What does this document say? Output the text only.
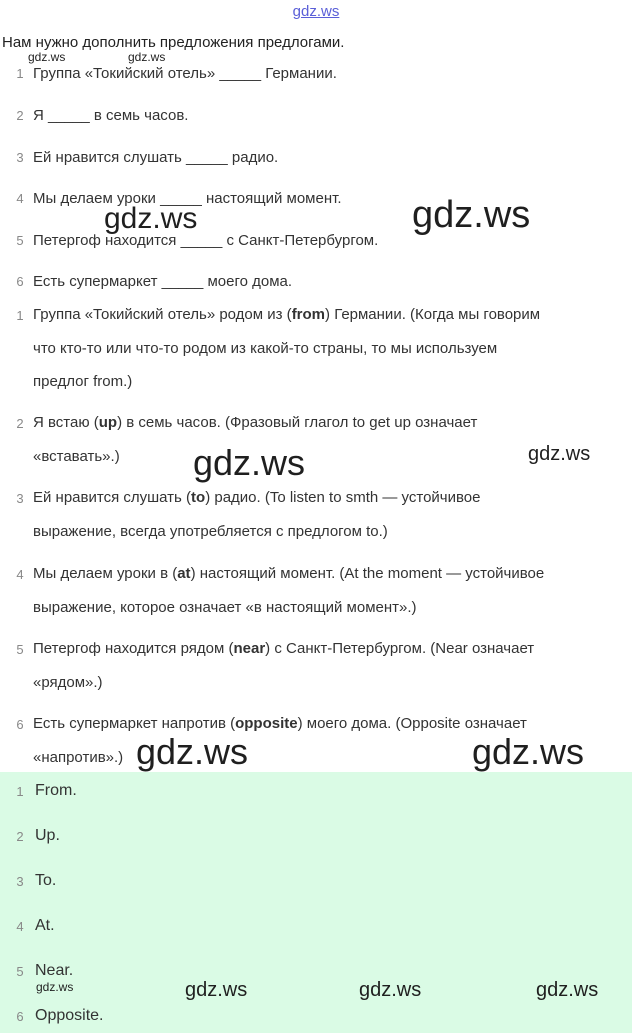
gdz.ws
Нам нужно дополнить предложения предлогами.
1 Группа «Токийский отель» _____ Германии.
2 Я _____ в семь часов.
3 Ей нравится слушать _____ радио.
4 Мы делаем уроки _____ настоящий момент.
5 Петергоф находится _____ с Санкт-Петербургом.
6 Есть супермаркет _____ моего дома.
1 Группа «Токийский отель» родом из (from) Германии. (Когда мы говорим
что кто-то или что-то родом из какой-то страны, то мы используем
предлог from.)
2 Я встаю (up) в семь часов. (Фразовый глагол to get up означает
«вставать».)
3 Ей нравится слушать (to) радио. (To listen to smth — устойчивое
выражение, всегда употребляется с предлогом to.)
4 Мы делаем уроки в (at) настоящий момент. (At the moment — устойчивое
выражение, которое означает «в настоящий момент».)
5 Петергоф находится рядом (near) с Санкт-Петербургом. (Near означает
«рядом».)
6 Есть супермаркет напротив (opposite) моего дома. (Opposite означает
«напротив».)
1 From.
2 Up.
3 To.
4 At.
5 Near.
6 Opposite.
gdz.ws	gdz.ws
gdz.ws	gdz.ws
gdz.ws	gdz.ws
gdz.ws	gdz.ws
gdz.ws	gdz.ws	gdz.ws	gdz.ws
